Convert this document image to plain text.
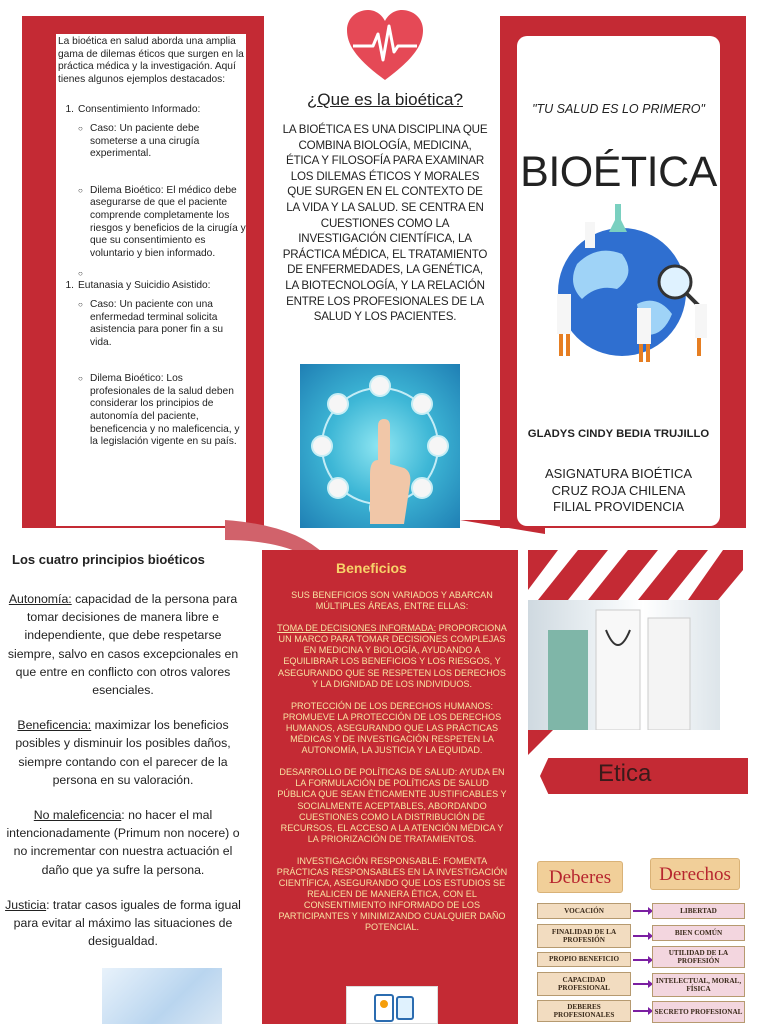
La bioética en salud aborda una amplia gama de dilemas éticos que surgen en la práctica médica y la investigación. Aquí tienes algunos ejemplos destacados:
1. Consentimiento Informado:
○ Caso: Un paciente debe someterse a una cirugía experimental.
○ Dilema Bioético: El médico debe asegurarse de que el paciente comprende completamente los riesgos y beneficios de la cirugía y que su consentimiento es voluntario y bien informado.
○
1. Eutanasia y Suicidio Asistido:
○ Caso: Un paciente con una enfermedad terminal solicita asistencia para poner fin a su vida.
○ Dilema Bioético: Los profesionales de la salud deben considerar los principios de autonomía del paciente, beneficencia y no maleficencia, y la legislación vigente en su país.
¿Que es la bioética?
LA BIOÉTICA ES UNA DISCIPLINA QUE COMBINA BIOLOGÍA, MEDICINA, ÉTICA Y FILOSOFÍA PARA EXAMINAR LOS DILEMAS ÉTICOS Y MORALES QUE SURGEN EN EL CONTEXTO DE LA VIDA Y LA SALUD. SE CENTRA EN CUESTIONES COMO LA INVESTIGACIÓN CIENTÍFICA, LA PRÁCTICA MÉDICA, EL TRATAMIENTO DE ENFERMEDADES, LA GENÉTICA, LA BIOTECNOLOGÍA, Y LA RELACIÓN ENTRE LOS PROFESIONALES DE LA SALUD Y LOS PACIENTES.
"TU SALUD ES LO PRIMERO"
BIOÉTICA
GLADYS CINDY BEDIA TRUJILLO
ASIGNATURA BIOÉTICA
CRUZ ROJA CHILENA
FILIAL PROVIDENCIA
Los cuatro principios bioéticos

Autonomía: capacidad de la persona para tomar decisiones de manera libre e independiente, que debe respetarse siempre, salvo en casos excepcionales en que entre en conflicto con otros valores esenciales.

Beneficencia: maximizar los beneficios posibles y disminuir los posibles daños, siempre contando con el parecer de la persona en su valoración.

No maleficencia: no hacer el mal intencionadamente (Primum non nocere) o no incrementar con nuestra actuación el daño que ya sufre la persona.

Justicia: tratar casos iguales de forma igual para evitar al máximo las situaciones de desigualdad.

Beneficios

SUS BENEFICIOS SON VARIADOS Y ABARCAN MÚLTIPLES ÁREAS, ENTRE ELLAS:

TOMA DE DECISIONES INFORMADA: PROPORCIONA UN MARCO PARA TOMAR DECISIONES COMPLEJAS EN MEDICINA Y BIOLOGÍA, AYUDANDO A EQUILIBRAR LOS BENEFICIOS Y LOS RIESGOS, Y ASEGURANDO QUE SE RESPETEN LOS DERECHOS Y LA DIGNIDAD DE LOS INDIVIDUOS.

PROTECCIÓN DE LOS DERECHOS HUMANOS: PROMUEVE LA PROTECCIÓN DE LOS DERECHOS HUMANOS, ASEGURANDO QUE LAS PRÁCTICAS MÉDICAS Y DE INVESTIGACIÓN RESPETEN LA AUTONOMÍA, LA JUSTICIA Y LA EQUIDAD.

DESARROLLO DE POLÍTICAS DE SALUD: AYUDA EN LA FORMULACIÓN DE POLÍTICAS DE SALUD PÚBLICA QUE SEAN ÉTICAMENTE JUSTIFICABLES Y SOCIALMENTE ACEPTABLES, ABORDANDO CUESTIONES COMO LA DISTRIBUCIÓN DE RECURSOS, EL ACCESO A LA ATENCIÓN MÉDICA Y LA PRIORIZACIÓN DE TRATAMIENTOS.

INVESTIGACIÓN RESPONSABLE: FOMENTA PRÁCTICAS RESPONSABLES EN LA INVESTIGACIÓN CIENTÍFICA, ASEGURANDO QUE LOS ESTUDIOS SE REALICEN DE MANERA ÉTICA, CON EL CONSENTIMIENTO INFORMADO DE LOS PARTICIPANTES Y MINIMIZANDO CUALQUIER DAÑO POTENCIAL.

Etica
Deberes	Derechos
VOCACIÓN
FINALIDAD DE LA PROFESIÓN
PROPIO BENEFICIO
CAPACIDAD PROFESIONAL
DEBERES PROFESIONALES
LIBERTAD
BIEN COMÚN
UTILIDAD DE LA PROFESIÓN
INTELECTUAL, MORAL, FÍSICA
SECRETO PROFESIONAL
